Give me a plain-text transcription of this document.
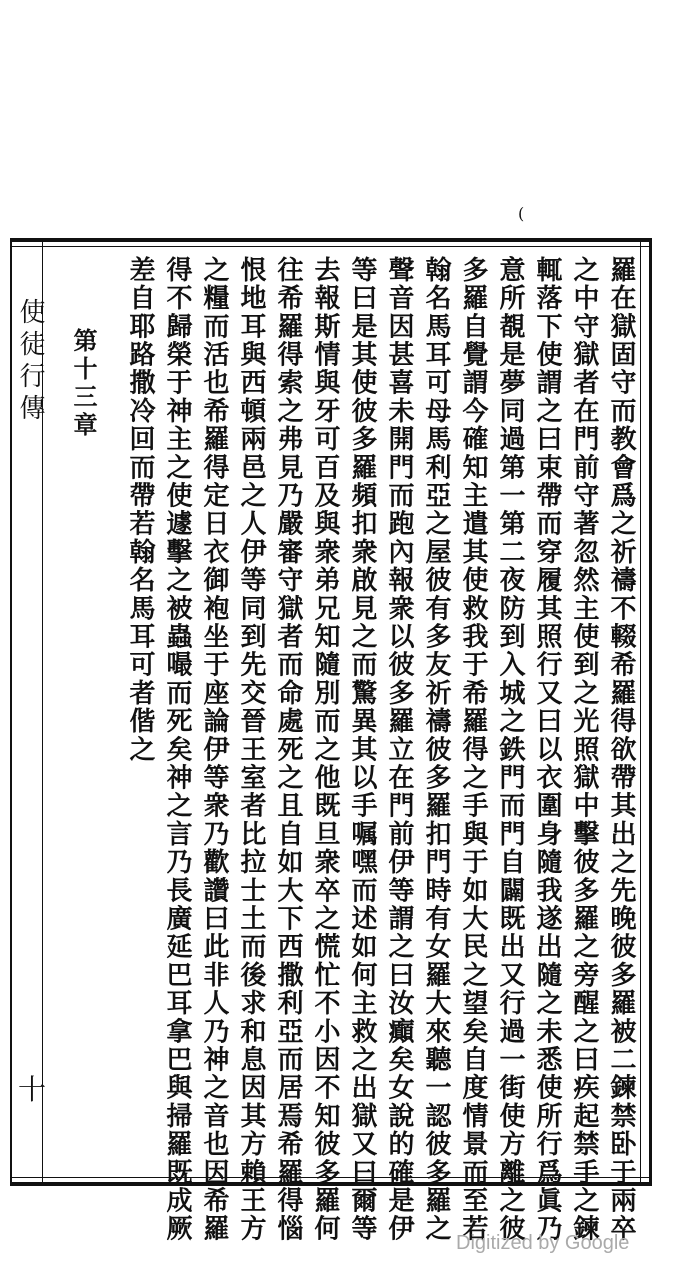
(
使徒行傳
十	羅在獄固守而教會爲之祈禱不輟希羅得欲帶其出之先晚彼多羅被二鍊禁卧于兩卒
之中守獄者在門前守著忽然主使到之光照獄中擊彼多羅之旁醒之曰疾起禁手之鍊
輒落下使謂之曰束帶而穿履其照行又曰以衣圍身隨我遂出隨之未悉使所行爲眞乃
意所覩是夢同過第一第二夜防到入城之鉄門而門自闢既出又行過一街使方離之彼
多羅自覺謂今確知主遣其使救我于希羅得之手與于如大民之望矣自度情景而至若
翰名馬耳可母馬利亞之屋彼有多友祈禱彼多羅扣門時有女羅大來聽一認彼多羅之
聲音因甚喜未開門而跑內報衆以彼多羅立在門前伊等謂之曰汝癲矣女說的確是伊
等曰是其使彼多羅頻扣衆啟見之而驚異其以手嘱嘿而述如何主救之出獄又曰爾等
去報斯情與牙可百及與衆弟兄知隨別而之他既旦衆卒之慌忙不小因不知彼多羅何
往希羅得索之弗見乃嚴審守獄者而命處死之且自如大下西撒利亞而居焉希羅得惱
恨地耳與西頓兩邑之人伊等同到先交晉王室者比拉士土而後求和息因其方賴王方
之糧而活也希羅得定日衣御袍坐于座論伊等衆乃歡讚曰此非人乃神之音也因希羅
得不歸榮于神主之使遽擊之被蟲嘬而死矣神之言乃長廣延巴耳拿巴與掃羅既成厥
差自耶路撒冷回而帶若翰名馬耳可者偕之
第十三章
Digitized by Google
